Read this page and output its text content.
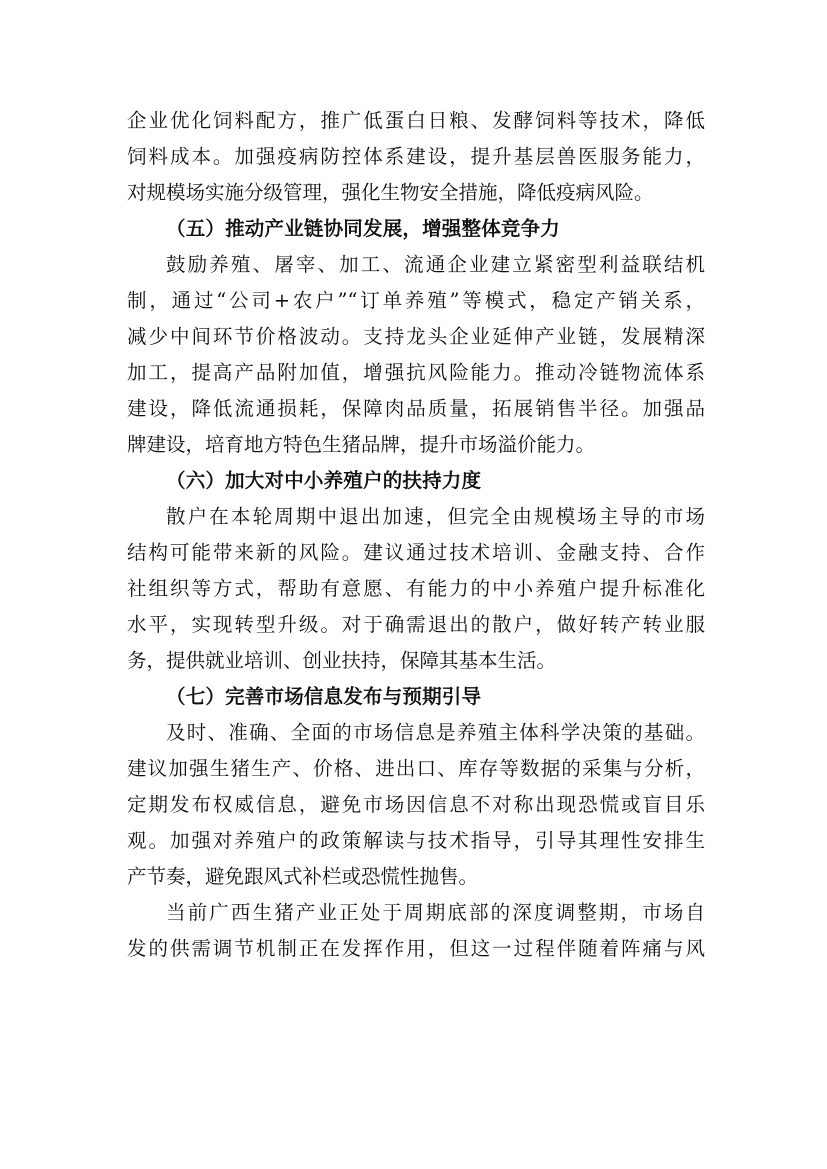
企业优化饲料配方，推广低蛋白日粮、发酵饲料等技术，降低
饲料成本。加强疫病防控体系建设，提升基层兽医服务能力，
对规模场实施分级管理，强化生物安全措施，降低疫病风险。
（五）推动产业链协同发展，增强整体竞争力
鼓励养殖、屠宰、加工、流通企业建立紧密型利益联结机
制，通过“公司+农户”“订单养殖”等模式，稳定产销关系，
减少中间环节价格波动。支持龙头企业延伸产业链，发展精深
加工，提高产品附加值，增强抗风险能力。推动冷链物流体系
建设，降低流通损耗，保障肉品质量，拓展销售半径。加强品
牌建设，培育地方特色生猪品牌，提升市场溢价能力。
（六）加大对中小养殖户的扶持力度
散户在本轮周期中退出加速，但完全由规模场主导的市场
结构可能带来新的风险。建议通过技术培训、金融支持、合作
社组织等方式，帮助有意愿、有能力的中小养殖户提升标准化
水平，实现转型升级。对于确需退出的散户，做好转产转业服
务，提供就业培训、创业扶持，保障其基本生活。
（七）完善市场信息发布与预期引导
及时、准确、全面的市场信息是养殖主体科学决策的基础。
建议加强生猪生产、价格、进出口、库存等数据的采集与分析，
定期发布权威信息，避免市场因信息不对称出现恐慌或盲目乐
观。加强对养殖户的政策解读与技术指导，引导其理性安排生
产节奏，避免跟风式补栏或恐慌性抛售。
当前广西生猪产业正处于周期底部的深度调整期，市场自
发的供需调节机制正在发挥作用，但这一过程伴随着阵痛与风
